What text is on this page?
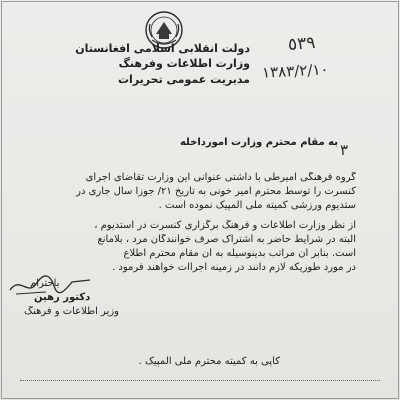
دولت انقلابی اسلامی افغانستان
وزارت اطلاعات وفرهنگ
مدیریت عمومی تحریرات
٥٣٩
١٣٨٣/٢/١٠
٣
به مقام محترم وزارت امورداخله
گروه فرهنگی امیرطی با داشتی عنوانی این وزارت تقاضای اجرای
کنسرت را توسط محترم امیر خونی به تاریخ ٢١/ جوزا سال جاری در
ستدیوم ورزشی کمیته ملی المپیک نموده است .
از نظر وزارت اطلاعات و فرهنگ برگزاری کنسرت در استدیوم ،
البته در شرایط حاضر به اشتراک صرف خوانندگان مرد ، بلامانع
است. بنابر آن مراتب بدینوسیله به آن مقام محترم اطلاع
در مورد طوریکه لازم دانند در زمینه اجراات خواهند فرمود .
باحترام
دکتور رهین
وزیر اطلاعات و فرهنگ
کاپی به کمیته محترم ملی المپیک .
